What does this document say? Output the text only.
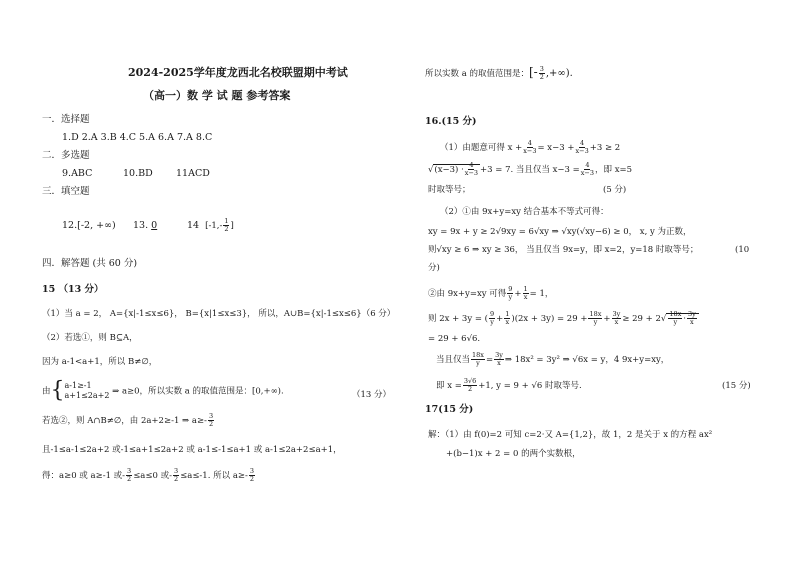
2024-2025学年度龙西北名校联盟期中考试
（高一）数 学 试 题 参考答案
一．选择题
1.D 2.A 3.B 4.C 5.A 6.A 7.A 8.C
二．多选题
9.ABC	10.BD 11ACD
三．填空题
12.[-2, +∞) 13. 0	14 [$-1,- \frac{1}{2}$ ]
四．解答题 (共 60 分)
15 （13 分）
（1）当 a = 2， A={x|-1≤x≤6}， B={x|1≤x≤3}， 所以，A∪B={x|-1≤x≤6}（6 分）
（2）若选①，则 B⊆A，
因为 a-1<a+1，所以 B≠∅，
由{ a-1≥-1
a+1≤2a+2 ⇒ a≥0，所以实数 a 的取值范围是：[0,+∞).	（13 分）
若选②，则 A∩B≠∅，由 2a+2≥-1 ⇒ $a\ge- \frac{3}{2}$
且-1≤a-1≤2a+2 或-1≤a+1≤2a+2 或 a-1≤-1≤a+1 或 a-1≤2a+2≤a+1，
得：a≥0 或 a≥-1 或- $\frac{3}{2} \le a\le 0$ 或- $\frac{3}{2} \le a\le-1$. 所以 $a\ge- \frac{3}{2}$
所以实数 a 的取值范围是：[- $\frac{3}{2}$ ,+∞).
16.(15 分)
（1）由题意可得 $x + \frac{4}{x-3} = x-3 + \frac{4}{x-3} +3 \ge 2$
$√(x-3) \cdot \frac{4}{x-3} +3 = 7$. 当且仅当 $x-3 = \frac{4}{x-3}$ ，即 x=5
时取等号；	(5 分)
（2）①由 9x+y=xy 结合基本不等式可得：
xy = 9x + y ≥ 2√9xy = 6√xy ⇒ √xy(√xy−6) ≥ 0， x, y 为正数，
则√xy ≥ 6 ⇒ xy ≥ 36， 当且仅当 9x=y，即 x=2，y=18 时取等号；	(10
分)
②由 9x+y=xy 可得 $\frac{9}{y} + \frac{1}{x} = 1$，
则 2x + 3y = ( $\frac{9}{y} + \frac{1}{x} )(2x + 3y) = 29 + \frac{18x}{y} + \frac{3y}{x} \ge 29 + 2√ \frac{18x}{y} \cdot \frac{3y}{x}$
= 29 + 6√6.
当且仅当 $\frac{18x}{y} = \frac{3y}{x}$ ⇒ 18x² = 3y² ⇒ √6x = y，4 9x+y=xy，
即 $x = \frac{3√6}{2} +1$, y = 9 + √6 时取等号.	(15 分)
17(15 分)
解：（1）由 f(0)=2 可知 c=2·又 A={1,2}，故 1，2 是关于 x 的方程 ax²
+(b−1)x + 2 = 0 的两个实数根，
